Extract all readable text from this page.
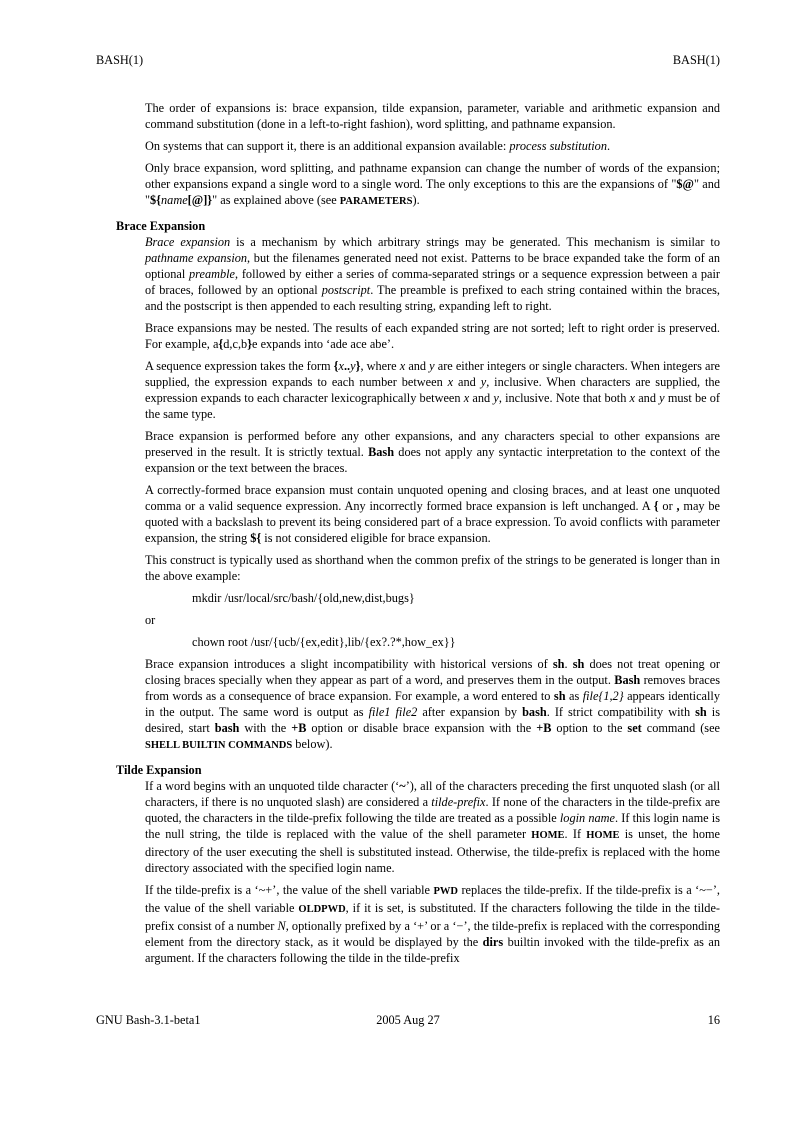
BASH(1)	BASH(1)

The order of expansions is: brace expansion, tilde expansion, parameter, variable and arithmetic expansion and command substitution (done in a left-to-right fashion), word splitting, and pathname expansion.

On systems that can support it, there is an additional expansion available: process substitution.

Only brace expansion, word splitting, and pathname expansion can change the number of words of the expansion; other expansions expand a single word to a single word. The only exceptions to this are the expansions of "$@" and "${name[@]}" as explained above (see PARAMETERS).

Brace Expansion

Brace expansion is a mechanism by which arbitrary strings may be generated. This mechanism is similar to pathname expansion, but the filenames generated need not exist. Patterns to be brace expanded take the form of an optional preamble, followed by either a series of comma-separated strings or a sequence expression between a pair of braces, followed by an optional postscript. The preamble is prefixed to each string contained within the braces, and the postscript is then appended to each resulting string, expanding left to right.

Brace expansions may be nested. The results of each expanded string are not sorted; left to right order is preserved. For example, a{d,c,b}e expands into ‘ade ace abe’.

A sequence expression takes the form {x..y}, where x and y are either integers or single characters. When integers are supplied, the expression expands to each number between x and y, inclusive. When characters are supplied, the expression expands to each character lexicographically between x and y, inclusive. Note that both x and y must be of the same type.

Brace expansion is performed before any other expansions, and any characters special to other expansions are preserved in the result. It is strictly textual. Bash does not apply any syntactic interpretation to the context of the expansion or the text between the braces.

A correctly-formed brace expansion must contain unquoted opening and closing braces, and at least one unquoted comma or a valid sequence expression. Any incorrectly formed brace expansion is left unchanged. A { or , may be quoted with a backslash to prevent its being considered part of a brace expression. To avoid conflicts with parameter expansion, the string ${ is not considered eligible for brace expansion.

This construct is typically used as shorthand when the common prefix of the strings to be generated is longer than in the above example:

mkdir /usr/local/src/bash/{old,new,dist,bugs}
or
chown root /usr/{ucb/{ex,edit},lib/{ex?.?*,how_ex}}

Brace expansion introduces a slight incompatibility with historical versions of sh. sh does not treat opening or closing braces specially when they appear as part of a word, and preserves them in the output. Bash removes braces from words as a consequence of brace expansion. For example, a word entered to sh as file{1,2} appears identically in the output. The same word is output as file1 file2 after expansion by bash. If strict compatibility with sh is desired, start bash with the +B option or disable brace expansion with the +B option to the set command (see SHELL BUILTIN COMMANDS below).

Tilde Expansion

If a word begins with an unquoted tilde character (‘~’), all of the characters preceding the first unquoted slash (or all characters, if there is no unquoted slash) are considered a tilde-prefix. If none of the characters in the tilde-prefix are quoted, the characters in the tilde-prefix following the tilde are treated as a possible login name. If this login name is the null string, the tilde is replaced with the value of the shell parameter HOME. If HOME is unset, the home directory of the user executing the shell is substituted instead. Otherwise, the tilde-prefix is replaced with the home directory associated with the specified login name.

If the tilde-prefix is a ‘~+’, the value of the shell variable PWD replaces the tilde-prefix. If the tilde-prefix is a ‘~−’, the value of the shell variable OLDPWD, if it is set, is substituted. If the characters following the tilde in the tilde-prefix consist of a number N, optionally prefixed by a ‘+’ or a ‘−’, the tilde-prefix is replaced with the corresponding element from the directory stack, as it would be displayed by the dirs builtin invoked with the tilde-prefix as an argument. If the characters following the tilde in the tilde-prefix

GNU Bash-3.1-beta1	2005 Aug 27	16
